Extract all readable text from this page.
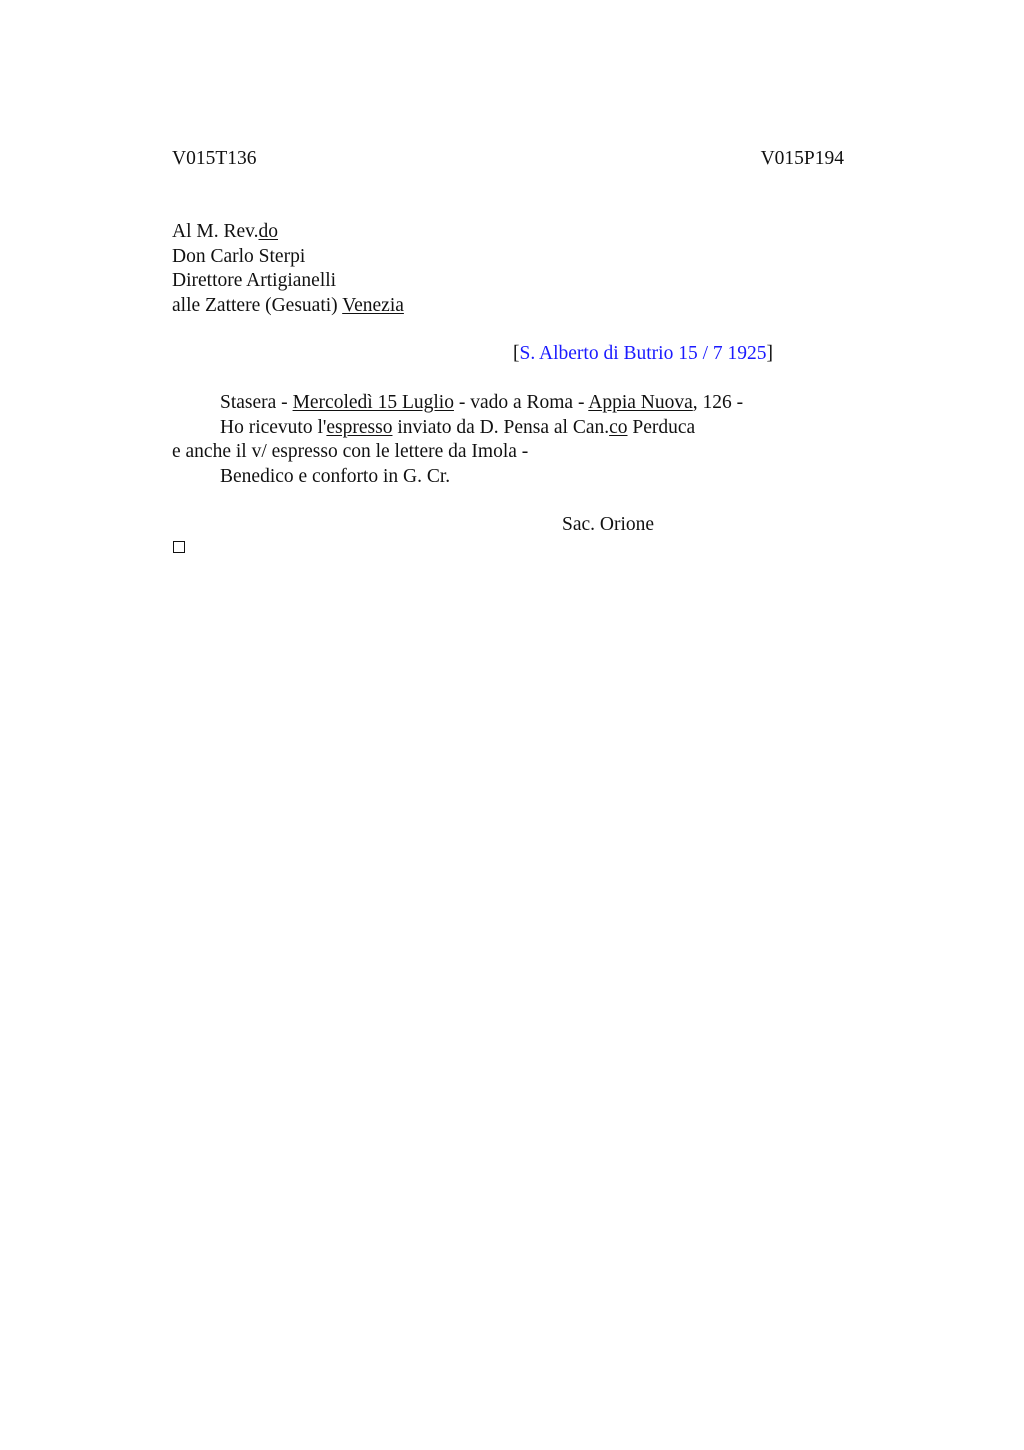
V015T136	V015P194
Al M. Rev.do
Don Carlo Sterpi
Direttore Artigianelli
alle Zattere (Gesuati) Venezia
[S. Alberto di Butrio 15 / 7 1925]
Stasera - Mercoledì 15 Luglio - vado a Roma - Appia Nuova, 126 -
Ho ricevuto l'espresso inviato da D. Pensa al Can.co Perduca
e anche il v/ espresso con le lettere da Imola -
Benedico e conforto in G. Cr.
Sac. Orione
